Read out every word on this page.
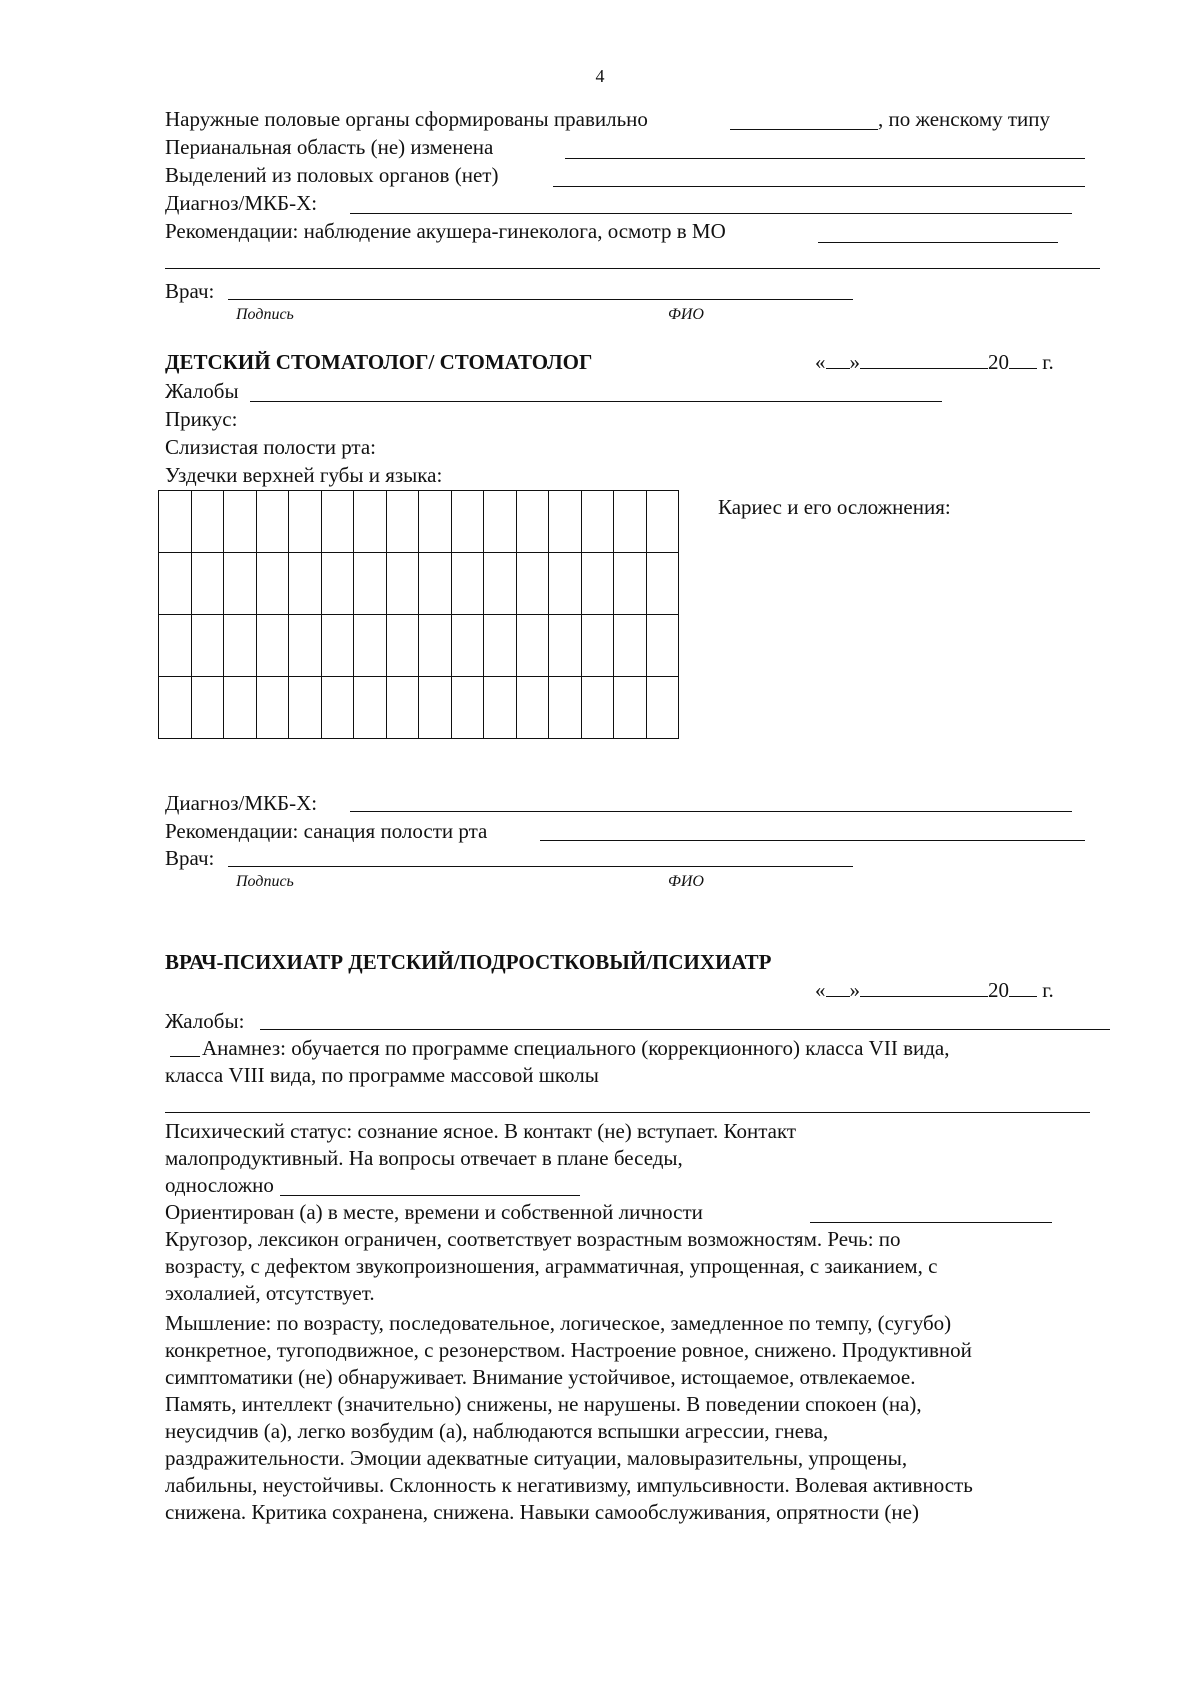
4
Наружные половые органы сформированы правильно	, по женскому типу
Перианальная область (не) изменена
Выделений из половых органов (нет)
Диагноз/МКБ-Х:
Рекомендации: наблюдение акушера-гинеколога, осмотр в МО
Врач:
Подпись	ФИО
ДЕТСКИЙ СТОМАТОЛОГ/ СТОМАТОЛОГ	« »	20 г.
Жалобы
Прикус:
Слизистая полости рта:
Уздечки верхней губы и языка:

Кариес и его осложнения:
Диагноз/МКБ-Х:
Рекомендации: санация полости рта
Врач:
Подпись	ФИО
ВРАЧ-ПСИХИАТР ДЕТСКИЙ/ПОДРОСТКОВЫЙ/ПСИХИАТР
« »	20 г.
Жалобы:
Анамнез: обучается по программе специального (коррекционного) класса VII вида,
класса VIII вида, по программе массовой школы
Психический статус: сознание ясное. В контакт (не) вступает. Контакт
малопродуктивный. На вопросы отвечает в плане беседы,
односложно
Ориентирован (а) в месте, времени и собственной личности
Кругозор, лексикон ограничен, соответствует возрастным возможностям. Речь: по
возрасту, с дефектом звукопроизношения, аграмматичная, упрощенная, с заиканием, с
эхолалией, отсутствует.
Мышление: по возрасту, последовательное, логическое, замедленное по темпу, (сугубо)
конкретное, тугоподвижное, с резонерством. Настроение ровное, снижено. Продуктивной
симптоматики (не) обнаруживает. Внимание устойчивое, истощаемое, отвлекаемое.
Память, интеллект (значительно) снижены, не нарушены. В поведении спокоен (на),
неусидчив (а), легко возбудим (а), наблюдаются вспышки агрессии, гнева,
раздражительности. Эмоции адекватные ситуации, маловыразительны, упрощены,
лабильны, неустойчивы. Склонность к негативизму, импульсивности. Волевая активность
снижена. Критика сохранена, снижена. Навыки самообслуживания, опрятности (не)
